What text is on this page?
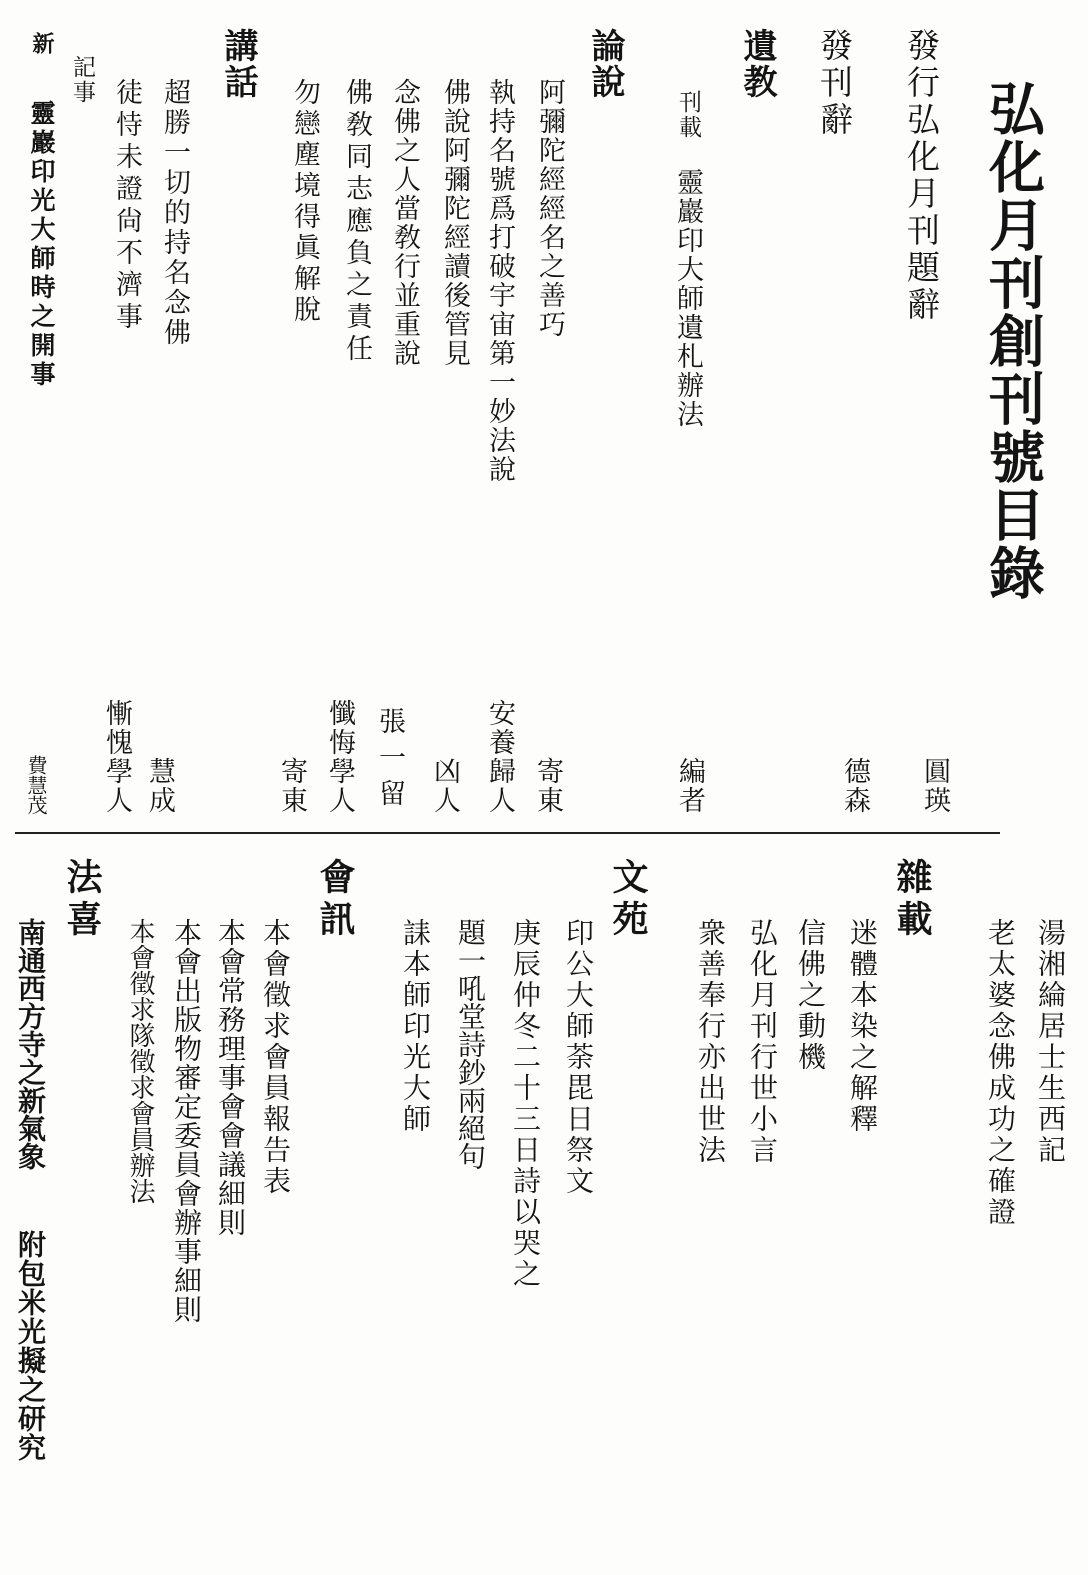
弘化月刊創刊號目錄
發行弘化月刊題辭
發刊辭
遺教
刊載
靈巖印大師遺札辦法
論說
阿彌陀經經名之善巧
執持名號爲打破宇宙第一妙法說
佛說阿彌陀經讀後管見
念佛之人當敎行並重說
佛敎同志應負之責任
勿戀塵境得眞解脫
講話
超勝一切的持名念佛
徒恃未證尙不濟事
記事
新
靈巖印光大師時之開事
圓瑛
德森
編者
寄東
安養歸人
凶人
張一留
懺悔學人
寄東
慧成
慚愧學人
費慧茂
湯湘綸居士生西記
老太婆念佛成功之確證
雜載
迷體本染之解釋
信佛之動機
弘化月刊行世小言
衆善奉行亦出世法
文苑
印公大師荼毘日祭文
庚辰仲冬二十三日詩以哭之
題一吼堂詩鈔兩絕句
誄本師印光大師
會訊
本會徵求會員報告表
本會常務理事會會議細則
本會出版物審定委員會辦事細則
本會徵求隊徵求會員辦法
法喜
南通西方寺之新氣象
附包米光擬之研究
